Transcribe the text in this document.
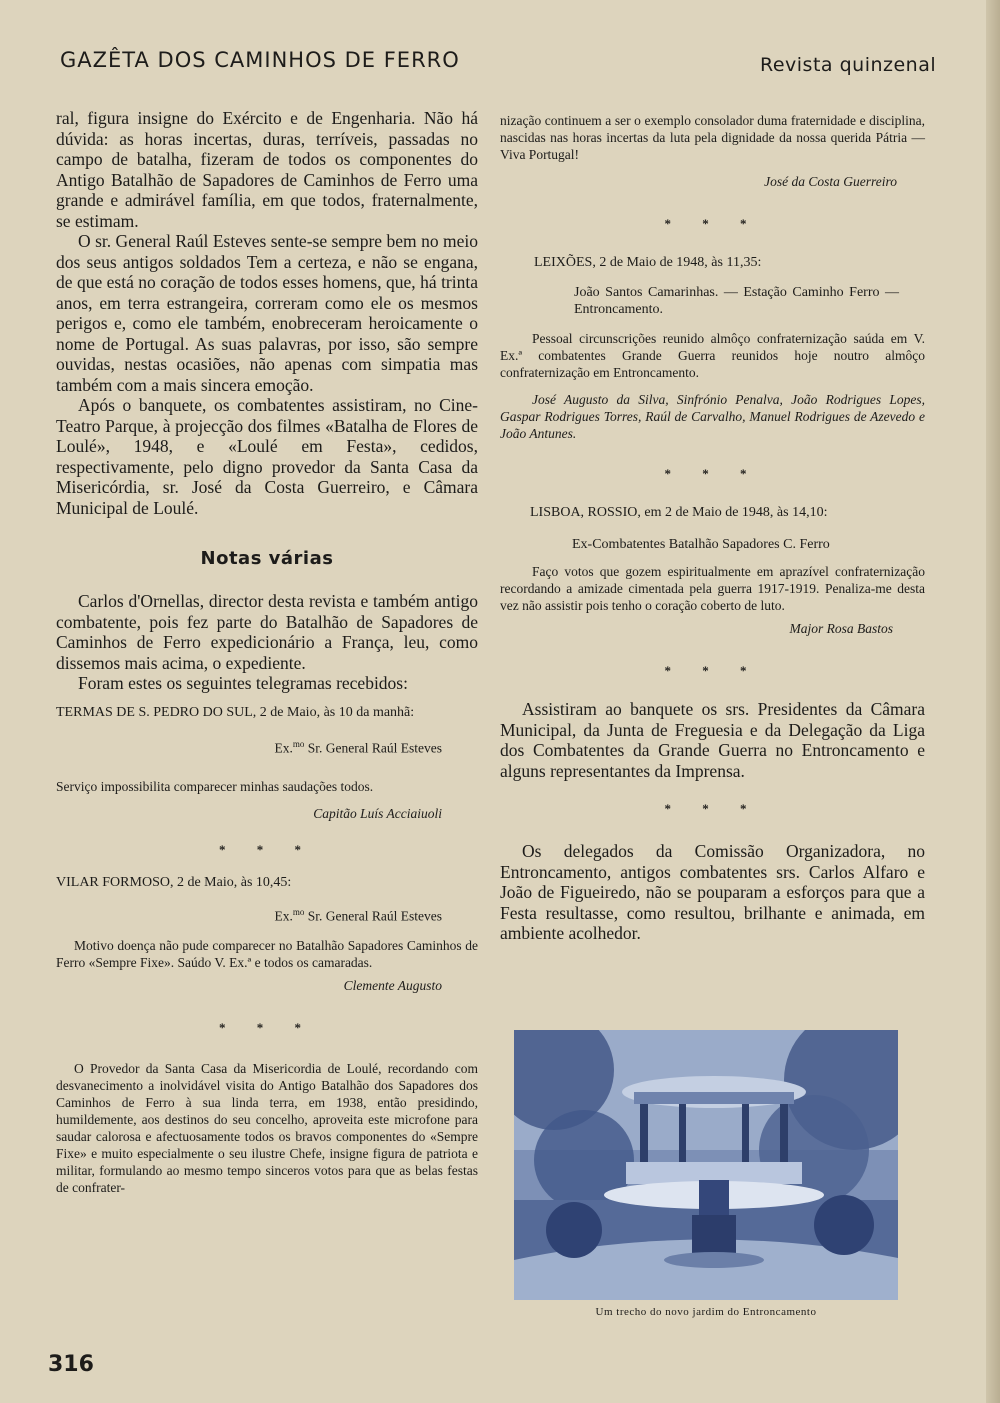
GAZÊTA DOS CAMINHOS DE FERRO	Revista quinzenal

ral, figura insigne do Exército e de Engenharia. Não há dúvida: as horas incertas, duras, terríveis, passadas no campo de batalha, fizeram de todos os componentes do Antigo Batalhão de Sapadores de Caminhos de Ferro uma grande e admirável família, em que todos, fraternalmente, se estimam.

O sr. General Raúl Esteves sente-se sempre bem no meio dos seus antigos soldados Tem a certeza, e não se engana, de que está no coração de todos esses homens, que, há trinta anos, em terra estrangeira, correram como ele os mesmos perigos e, como ele também, enobreceram heroicamente o nome de Portugal. As suas palavras, por isso, são sempre ouvidas, nestas ocasiões, não apenas com simpatia mas também com a mais sincera emoção.

Após o banquete, os combatentes assistiram, no Cine-Teatro Parque, à projecção dos filmes «Batalha de Flores de Loulé», 1948, e «Loulé em Festa», cedidos, respectivamente, pelo digno provedor da Santa Casa da Misericórdia, sr. José da Costa Guerreiro, e Câmara Municipal de Loulé.

Notas várias

Carlos d'Ornellas, director desta revista e também antigo combatente, pois fez parte do Batalhão de Sapadores de Caminhos de Ferro expedicionário a França, leu, como dissemos mais acima, o expediente.

Foram estes os seguintes telegramas recebidos:

TERMAS DE S. PEDRO DO SUL, 2 de Maio, às 10 da manhã:
Ex.$^{mo}$ Sr. General Raúl Esteves
Serviço impossibilita comparecer minhas saudações todos.
Capitão Luís Acciaiuoli
* * *
VILAR FORMOSO, 2 de Maio, às 10,45:
Ex.$^{mo}$ Sr. General Raúl Esteves
Motivo doença não pude comparecer no Batalhão Sapadores Caminhos de Ferro «Sempre Fixe». Saúdo V. Ex.ª e todos os camaradas.
Clemente Augusto
* * *
O Provedor da Santa Casa da Misericordia de Loulé, recordando com desvanecimento a inolvidável visita do Antigo Batalhão dos Sapadores dos Caminhos de Ferro à sua linda terra, em 1938, então presidindo, humildemente, aos destinos do seu concelho, aproveita este microfone para saudar calorosa e afectuosamente todos os bravos componentes do «Sempre Fixe» e muito especialmente o seu ilustre Chefe, insigne figura de patriota e militar, formulando ao mesmo tempo sinceros votos para que as belas festas de confrater-
nização continuem a ser o exemplo consolador duma fraternidade e disciplina, nascidas nas horas incertas da luta pela dignidade da nossa querida Pátria — Viva Portugal!
José da Costa Guerreiro
* * *
LEIXÕES, 2 de Maio de 1948, às 11,35:
João Santos Camarinhas. — Estação Caminho Ferro — Entroncamento.
Pessoal circunscrições reunido almôço confraternização saúda em V. Ex.ª combatentes Grande Guerra reunidos hoje noutro almôço confraternização em Entroncamento.
José Augusto da Silva, Sinfrónio Penalva, João Rodrigues Lopes, Gaspar Rodrigues Torres, Raúl de Carvalho, Manuel Rodrigues de Azevedo e João Antunes.
* * *
LISBOA, ROSSIO, em 2 de Maio de 1948, às 14,10:
Ex-Combatentes Batalhão Sapadores C. Ferro
Faço votos que gozem espiritualmente em aprazível confraternização recordando a amizade cimentada pela guerra 1917-1919. Penaliza-me desta vez não assistir pois tenho o coração coberto de luto.
Major Rosa Bastos
* * *

Assistiram ao banquete os srs. Presidentes da Câmara Municipal, da Junta de Freguesia e da Delegação da Liga dos Combatentes da Grande Guerra no Entroncamento e alguns representantes da Imprensa.

* * *

Os delegados da Comissão Organizadora, no Entroncamento, antigos combatentes srs. Carlos Alfaro e João de Figueiredo, não se pouparam a esforços para que a Festa resultasse, como resultou, brilhante e animada, em ambiente acolhedor.

Um trecho do novo jardim do Entroncamento
316
